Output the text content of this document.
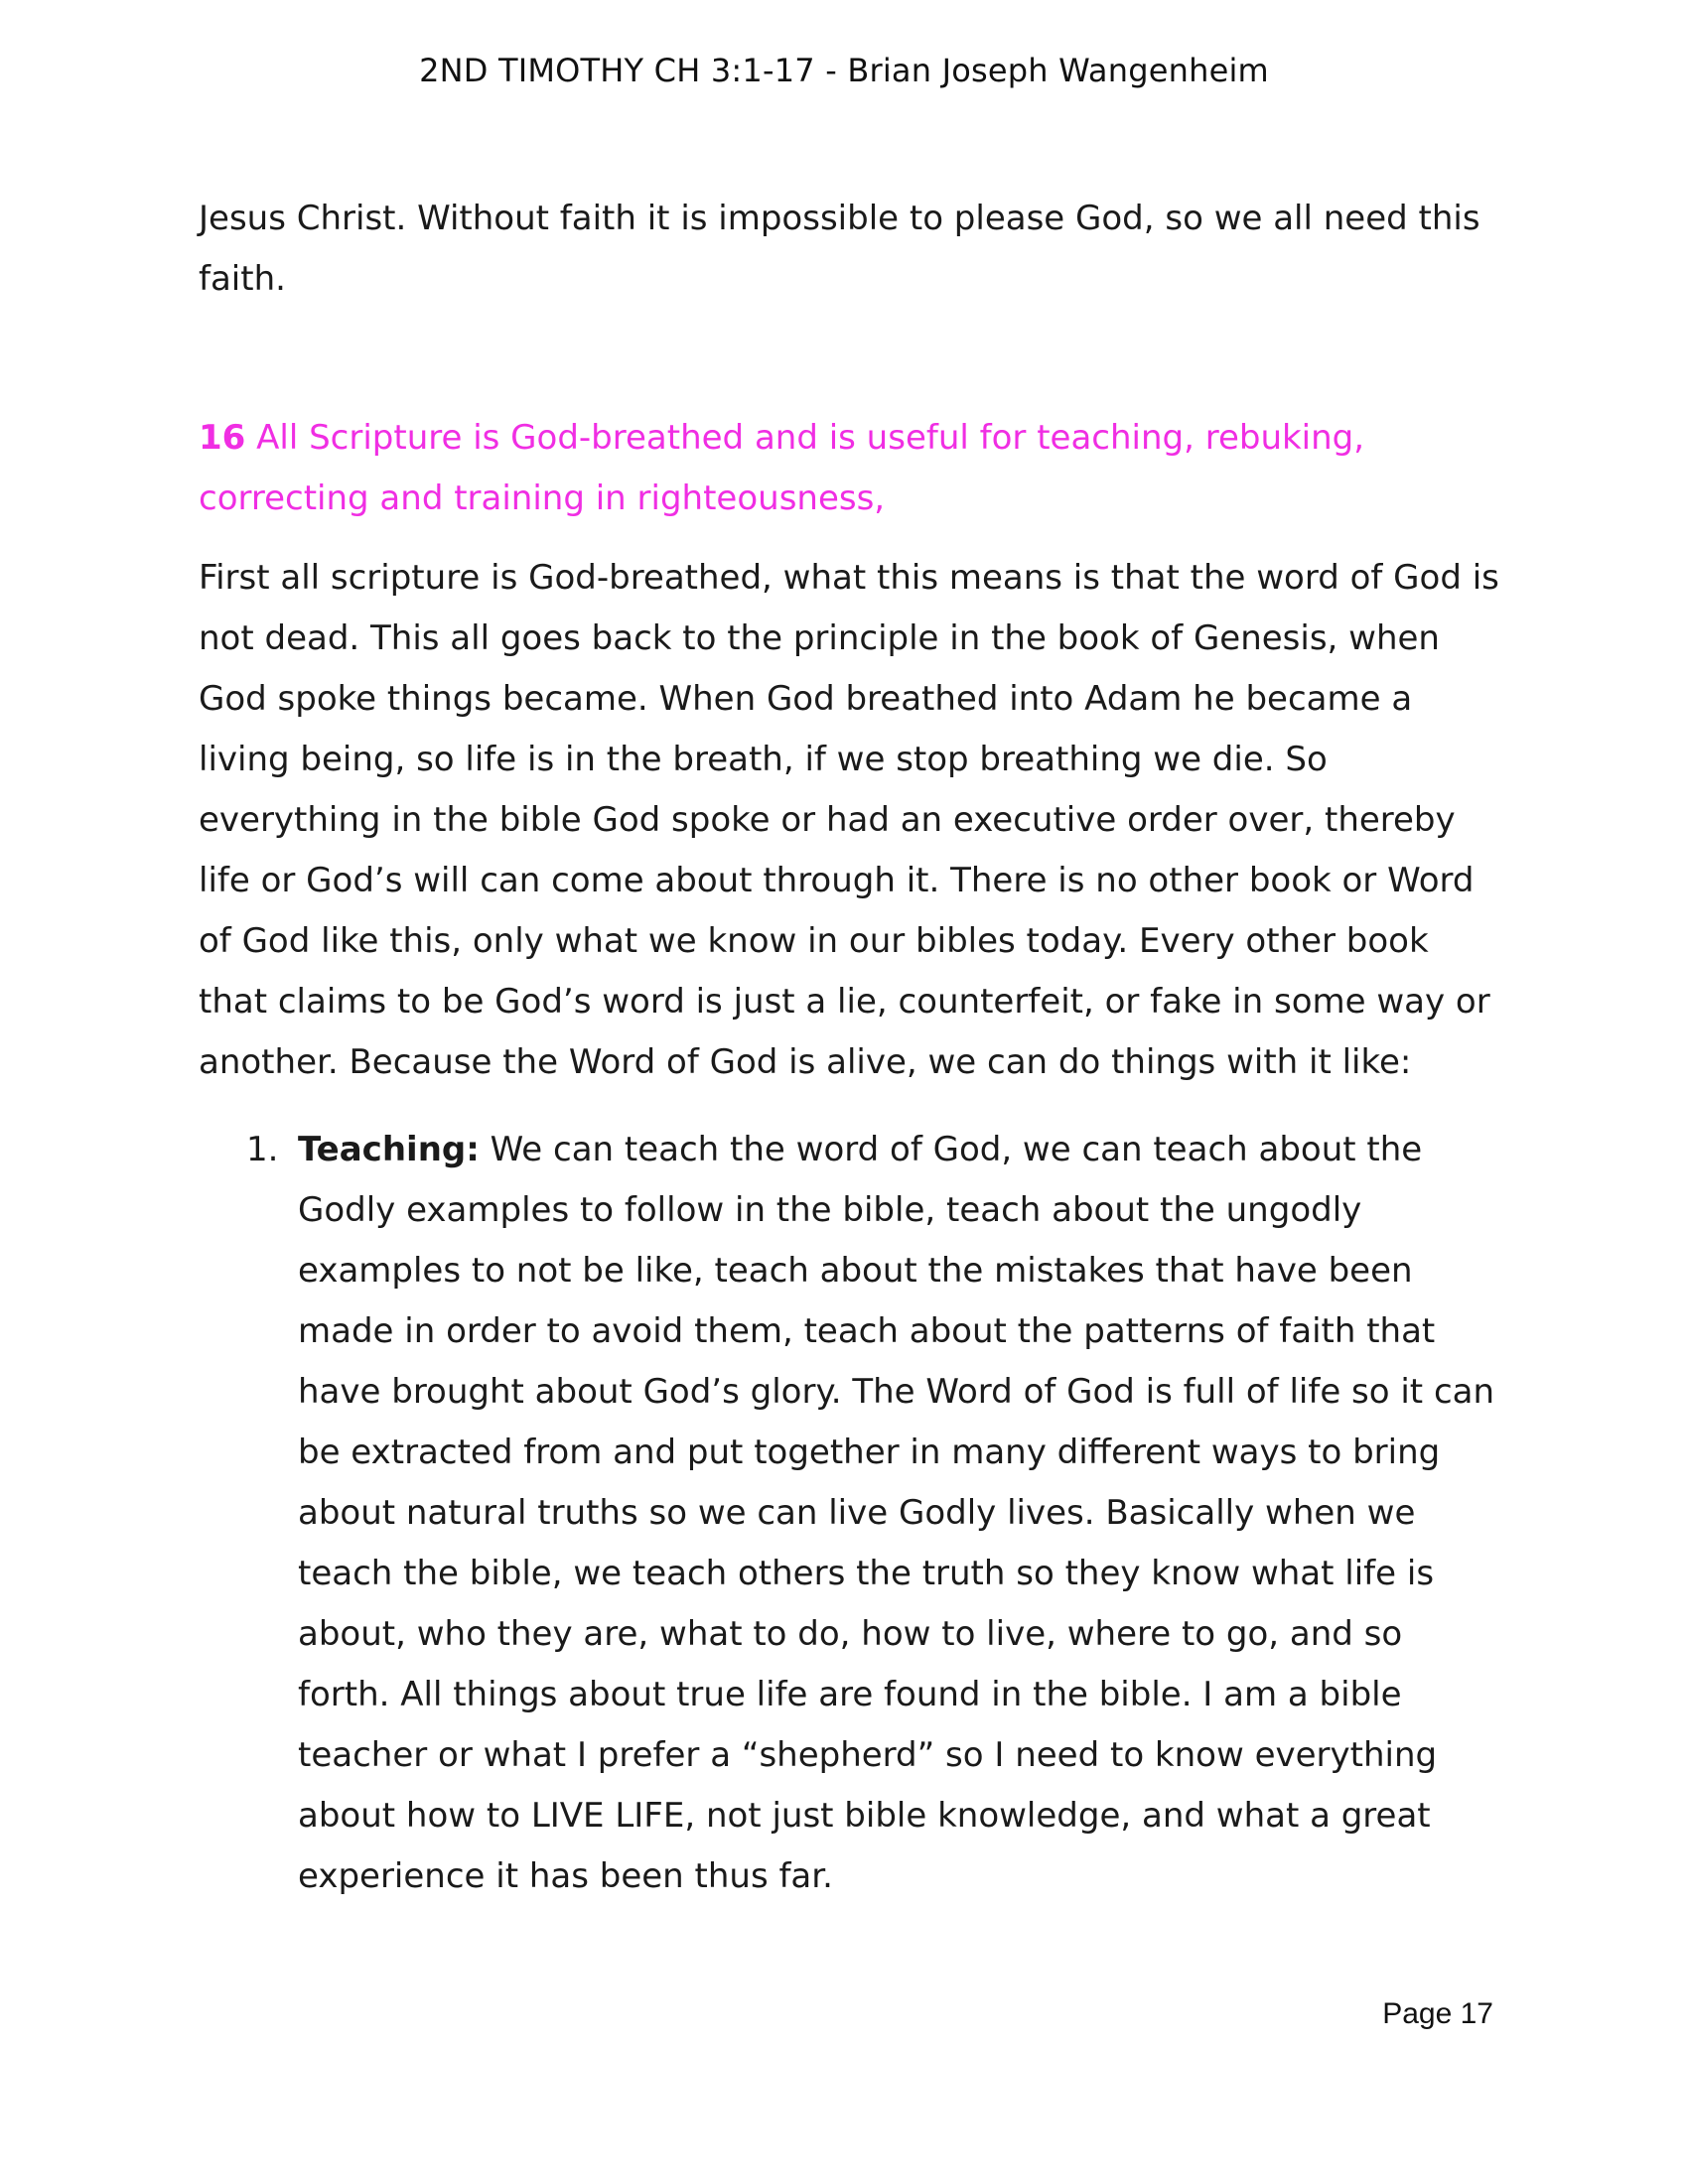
2ND TIMOTHY CH 3:1-17 - Brian Joseph Wangenheim

Jesus Christ. Without faith it is impossible to please God, so we all need this faith.

16 All Scripture is God-breathed and is useful for teaching, rebuking, correcting and training in righteousness,

First all scripture is God-breathed, what this means is that the word of God is not dead. This all goes back to the principle in the book of Genesis, when God spoke things became. When God breathed into Adam he became a living being, so life is in the breath, if we stop breathing we die. So everything in the bible God spoke or had an executive order over, thereby life or God’s will can come about through it. There is no other book or Word of God like this, only what we know in our bibles today. Every other book that claims to be God’s word is just a lie, counterfeit, or fake in some way or another. Because the Word of God is alive, we can do things with it like:

1. Teaching: We can teach the word of God, we can teach about the Godly examples to follow in the bible, teach about the ungodly examples to not be like, teach about the mistakes that have been made in order to avoid them, teach about the patterns of faith that have brought about God’s glory. The Word of God is full of life so it can be extracted from and put together in many different ways to bring about natural truths so we can live Godly lives. Basically when we teach the bible, we teach others the truth so they know what life is about, who they are, what to do, how to live, where to go, and so forth. All things about true life are found in the bible. I am a bible teacher or what I prefer a “shepherd” so I need to know everything about how to LIVE LIFE, not just bible knowledge, and what a great experience it has been thus far.
Page 17
